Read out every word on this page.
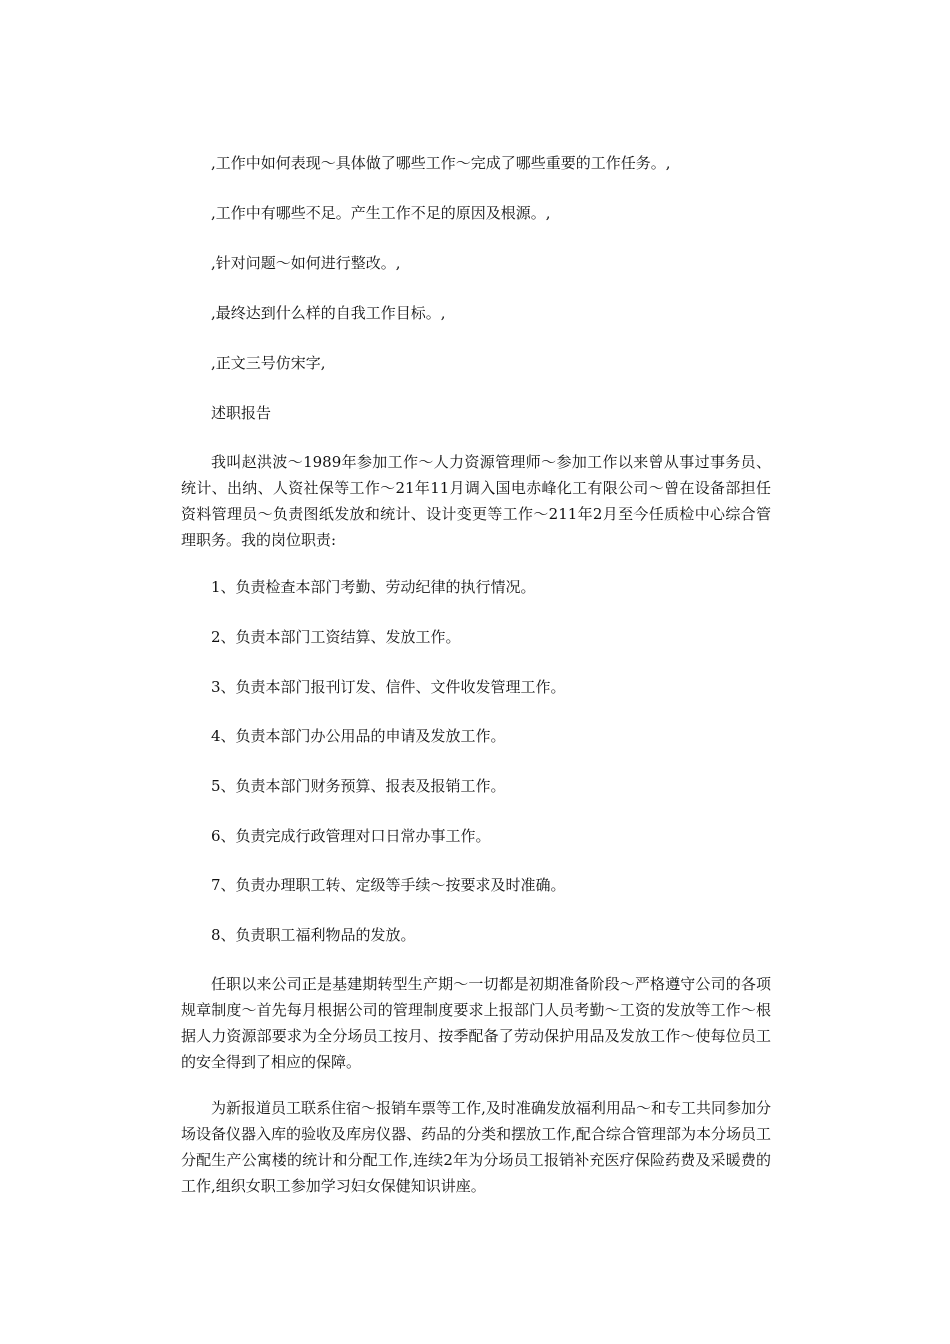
,工作中如何表现～具体做了哪些工作～完成了哪些重要的工作任务。,

,工作中有哪些不足。产生工作不足的原因及根源。,

,针对问题～如何进行整改。,

,最终达到什么样的自我工作目标。,

,正文三号仿宋字,

述职报告

我叫赵洪波～1989年参加工作～人力资源管理师～参加工作以来曾从事过事务员、统计、出纳、人资社保等工作～21年11月调入国电赤峰化工有限公司～曾在设备部担任资料管理员～负责图纸发放和统计、设计变更等工作～211年2月至今任质检中心综合管理职务。我的岗位职责:

1、负责检查本部门考勤、劳动纪律的执行情况。

2、负责本部门工资结算、发放工作。

3、负责本部门报刊订发、信件、文件收发管理工作。

4、负责本部门办公用品的申请及发放工作。

5、负责本部门财务预算、报表及报销工作。

6、负责完成行政管理对口日常办事工作。

7、负责办理职工转、定级等手续～按要求及时准确。

8、负责职工福利物品的发放。

任职以来公司正是基建期转型生产期～一切都是初期准备阶段～严格遵守公司的各项规章制度～首先每月根据公司的管理制度要求上报部门人员考勤～工资的发放等工作～根据人力资源部要求为全分场员工按月、按季配备了劳动保护用品及发放工作～使每位员工的安全得到了相应的保障。

为新报道员工联系住宿～报销车票等工作,及时准确发放福利用品～和专工共同参加分场设备仪器入库的验收及库房仪器、药品的分类和摆放工作,配合综合管理部为本分场员工分配生产公寓楼的统计和分配工作,连续2年为分场员工报销补充医疗保险药费及采暖费的工作,组织女职工参加学习妇女保健知识讲座。
